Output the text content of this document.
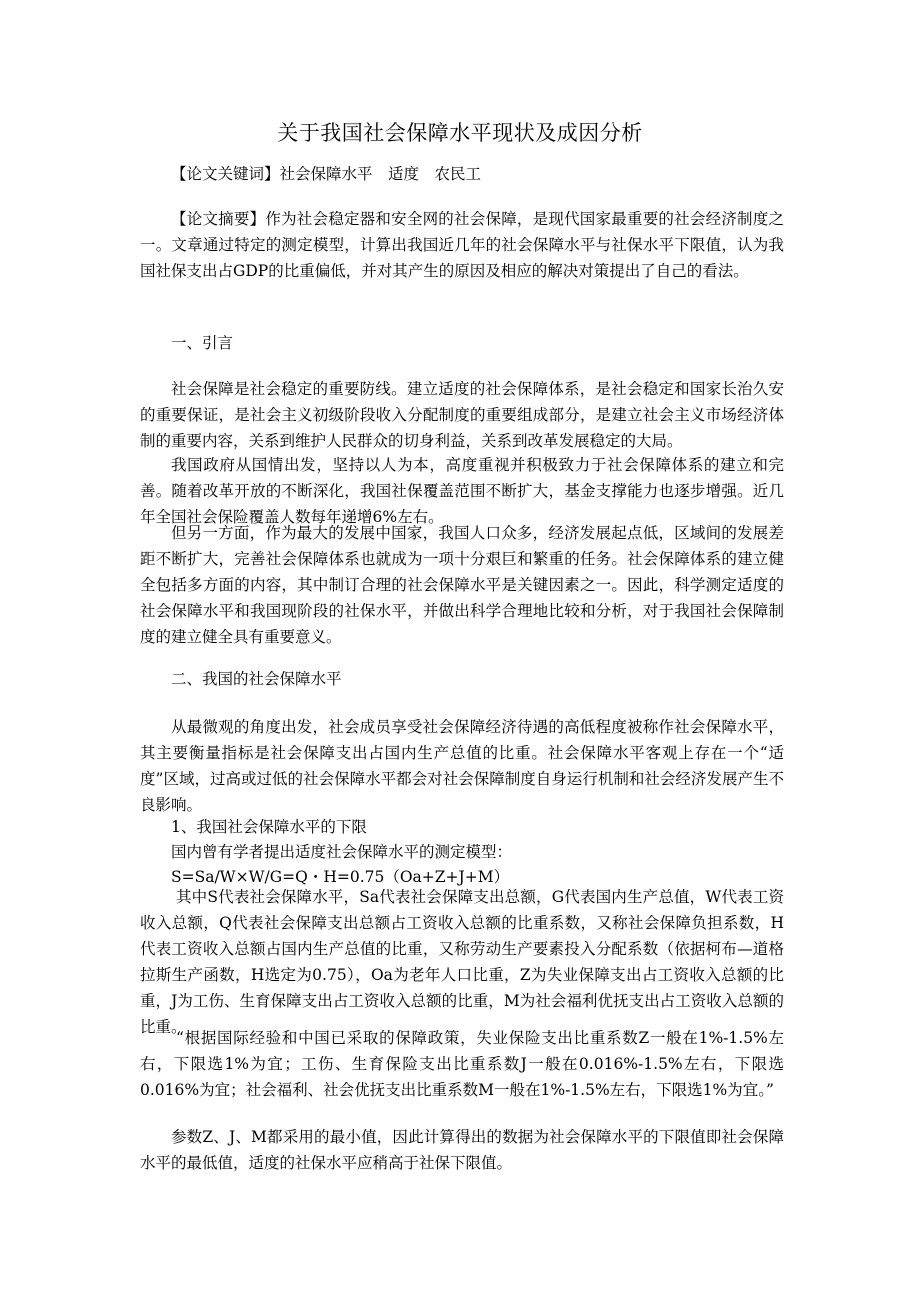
关于我国社会保障水平现状及成因分析

【论文关键词】社会保障水平　适度　农民工

【论文摘要】作为社会稳定器和安全网的社会保障，是现代国家最重要的社会经济制度之一。文章通过特定的测定模型，计算出我国近几年的社会保障水平与社保水平下限值，认为我国社保支出占GDP的比重偏低，并对其产生的原因及相应的解决对策提出了自己的看法。

一、引言

社会保障是社会稳定的重要防线。建立适度的社会保障体系，是社会稳定和国家长治久安的重要保证，是社会主义初级阶段收入分配制度的重要组成部分，是建立社会主义市场经济体制的重要内容，关系到维护人民群众的切身利益，关系到改革发展稳定的大局。

我国政府从国情出发，坚持以人为本，高度重视并积极致力于社会保障体系的建立和完善。随着改革开放的不断深化，我国社保覆盖范围不断扩大，基金支撑能力也逐步增强。近几年全国社会保险覆盖人数每年递增6%左右。

但另一方面，作为最大的发展中国家，我国人口众多，经济发展起点低，区域间的发展差距不断扩大，完善社会保障体系也就成为一项十分艰巨和繁重的任务。社会保障体系的建立健全包括多方面的内容，其中制订合理的社会保障水平是关键因素之一。因此，科学测定适度的社会保障水平和我国现阶段的社保水平，并做出科学合理地比较和分析，对于我国社会保障制度的建立健全具有重要意义。

二、我国的社会保障水平

从最微观的角度出发，社会成员享受社会保障经济待遇的高低程度被称作社会保障水平，其主要衡量指标是社会保障支出占国内生产总值的比重。社会保障水平客观上存在一个“适度”区域，过高或过低的社会保障水平都会对社会保障制度自身运行机制和社会经济发展产生不良影响。

1、我国社会保障水平的下限

国内曾有学者提出适度社会保障水平的测定模型：

S=Sa/W×W/G=Q・H=0.75（Oa+Z+J+M）

其中S代表社会保障水平，Sa代表社会保障支出总额，G代表国内生产总值，W代表工资收入总额，Q代表社会保障支出总额占工资收入总额的比重系数，又称社会保障负担系数，H代表工资收入总额占国内生产总值的比重，又称劳动生产要素投入分配系数（依据柯布—道格拉斯生产函数，H选定为0.75），Oa为老年人口比重，Z为失业保障支出占工资收入总额的比重，J为工伤、生育保障支出占工资收入总额的比重，M为社会福利优抚支出占工资收入总额的比重。

“根据国际经验和中国已采取的保障政策，失业保险支出比重系数Z一般在1%-1.5%左右，下限选1%为宜；工伤、生育保险支出比重系数J一般在0.016%-1.5%左右，下限选0.016%为宜；社会福利、社会优抚支出比重系数M一般在1%-1.5%左右，下限选1%为宜。”

参数Z、J、M都采用的最小值，因此计算得出的数据为社会保障水平的下限值即社会保障水平的最低值，适度的社保水平应稍高于社保下限值。
